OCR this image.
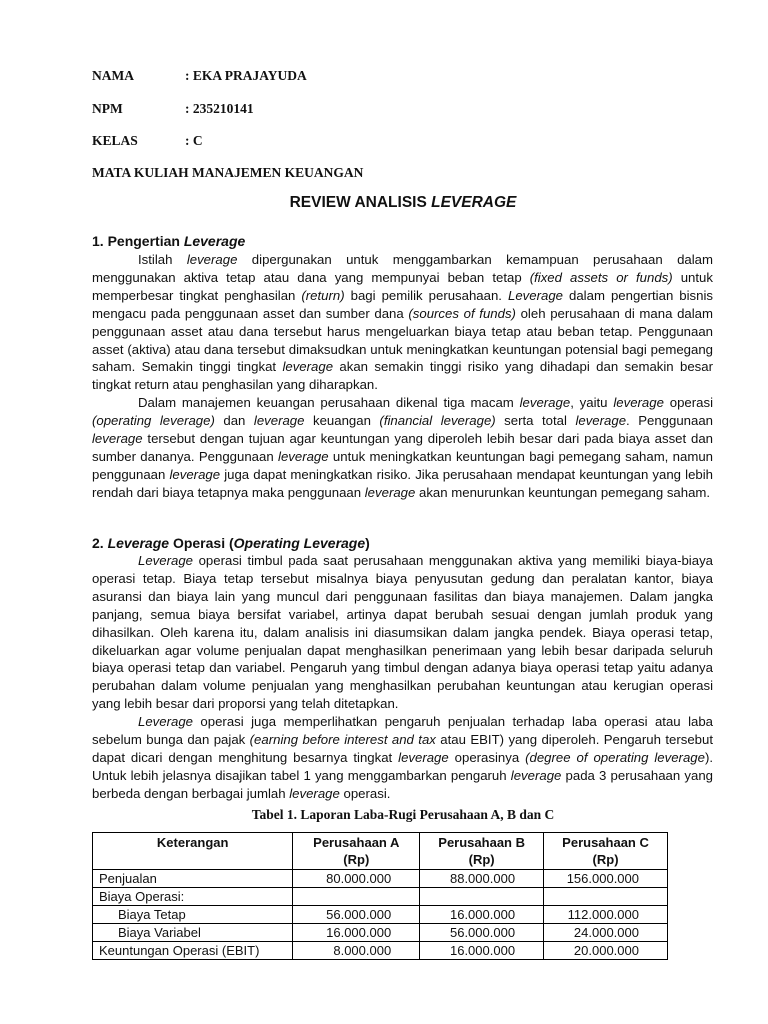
NAMA	: EKA PRAJAYUDA
NPM	: 235210141
KELAS	: C
MATA KULIAH MANAJEMEN KEUANGAN
REVIEW ANALISIS LEVERAGE
1. Pengertian Leverage

Istilah leverage dipergunakan untuk menggambarkan kemampuan perusahaan dalam menggunakan aktiva tetap atau dana yang mempunyai beban tetap (fixed assets or funds) untuk memperbesar tingkat penghasilan (return) bagi pemilik perusahaan. Leverage dalam pengertian bisnis mengacu pada penggunaan asset dan sumber dana (sources of funds) oleh perusahaan di mana dalam penggunaan asset atau dana tersebut harus mengeluarkan biaya tetap atau beban tetap. Penggunaan asset (aktiva) atau dana tersebut dimaksudkan untuk meningkatkan keuntungan potensial bagi pemegang saham. Semakin tinggi tingkat leverage akan semakin tinggi risiko yang dihadapi dan semakin besar tingkat return atau penghasilan yang diharapkan.

Dalam manajemen keuangan perusahaan dikenal tiga macam leverage, yaitu leverage operasi (operating leverage) dan leverage keuangan (financial leverage) serta total leverage. Penggunaan leverage tersebut dengan tujuan agar keuntungan yang diperoleh lebih besar dari pada biaya asset dan sumber dananya. Penggunaan leverage untuk meningkatkan keuntungan bagi pemegang saham, namun penggunaan leverage juga dapat meningkatkan risiko. Jika perusahaan mendapat keuntungan yang lebih rendah dari biaya tetapnya maka penggunaan leverage akan menurunkan keuntungan pemegang saham.

2. Leverage Operasi (Operating Leverage)

Leverage operasi timbul pada saat perusahaan menggunakan aktiva yang memiliki biaya-biaya operasi tetap. Biaya tetap tersebut misalnya biaya penyusutan gedung dan peralatan kantor, biaya asuransi dan biaya lain yang muncul dari penggunaan fasilitas dan biaya manajemen. Dalam jangka panjang, semua biaya bersifat variabel, artinya dapat berubah sesuai dengan jumlah produk yang dihasilkan. Oleh karena itu, dalam analisis ini diasumsikan dalam jangka pendek. Biaya operasi tetap, dikeluarkan agar volume penjualan dapat menghasilkan penerimaan yang lebih besar daripada seluruh biaya operasi tetap dan variabel. Pengaruh yang timbul dengan adanya biaya operasi tetap yaitu adanya perubahan dalam volume penjualan yang menghasilkan perubahan keuntungan atau kerugian operasi yang lebih besar dari proporsi yang telah ditetapkan.

Leverage operasi juga memperlihatkan pengaruh penjualan terhadap laba operasi atau laba sebelum bunga dan pajak (earning before interest and tax atau EBIT) yang diperoleh. Pengaruh tersebut dapat dicari dengan menghitung besarnya tingkat leverage operasinya (degree of operating leverage). Untuk lebih jelasnya disajikan tabel 1 yang menggambarkan pengaruh leverage pada 3 perusahaan yang berbeda dengan berbagai jumlah leverage operasi.

Tabel 1. Laporan Laba-Rugi Perusahaan A, B dan C
Keterangan	Perusahaan A (Rp)	Perusahaan B (Rp)	Perusahaan C (Rp)
Penjualan	80.000.000	88.000.000	156.000.000
Biaya Operasi:			
Biaya Tetap	56.000.000	16.000.000	112.000.000
Biaya Variabel	16.000.000	56.000.000	24.000.000
Keuntungan Operasi (EBIT)	8.000.000	16.000.000	20.000.000
